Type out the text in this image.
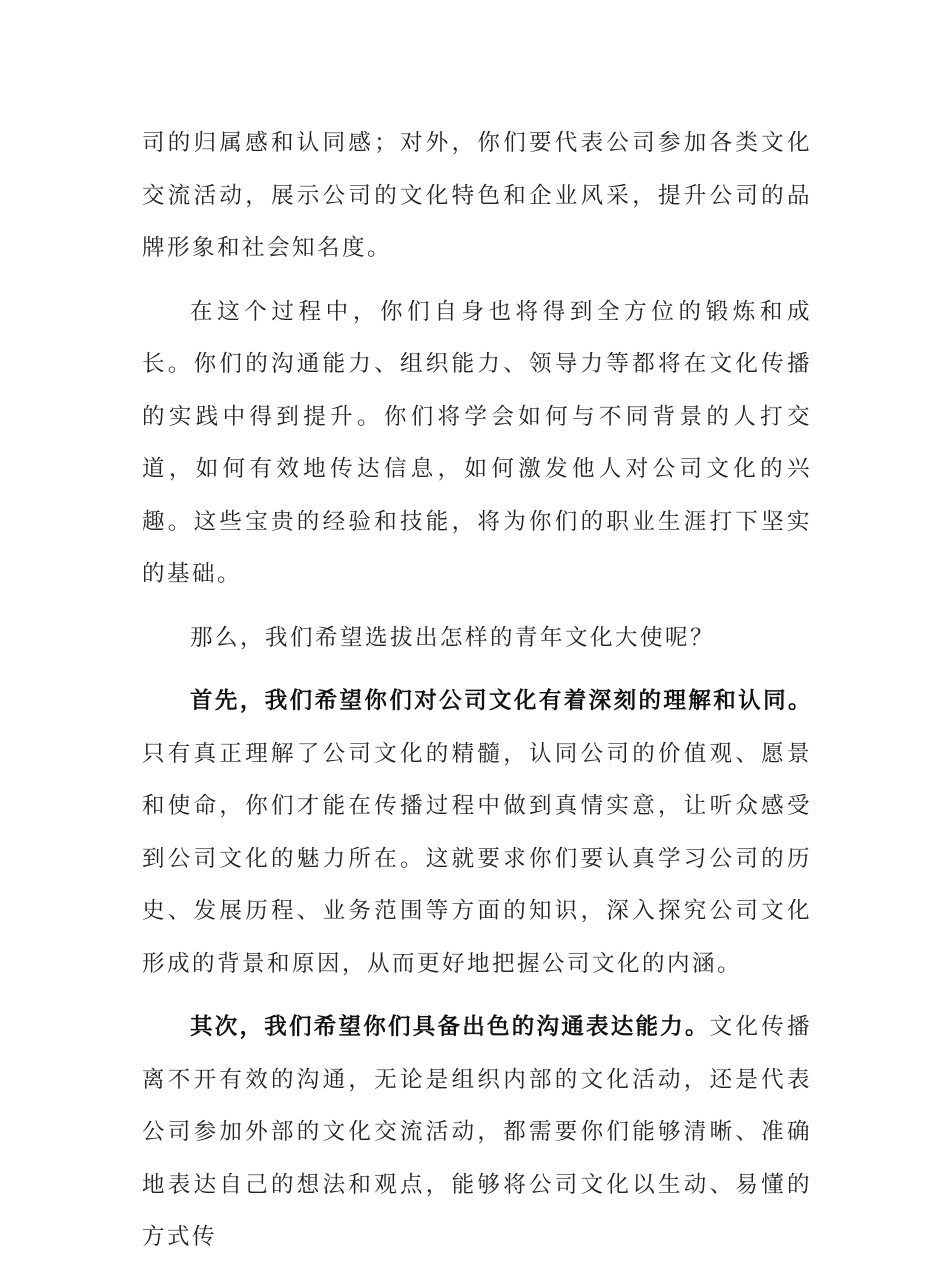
司的归属感和认同感；对外，你们要代表公司参加各类文化交流活动，展示公司的文化特色和企业风采，提升公司的品牌形象和社会知名度。

在这个过程中，你们自身也将得到全方位的锻炼和成长。你们的沟通能力、组织能力、领导力等都将在文化传播的实践中得到提升。你们将学会如何与不同背景的人打交道，如何有效地传达信息，如何激发他人对公司文化的兴趣。这些宝贵的经验和技能，将为你们的职业生涯打下坚实的基础。

那么，我们希望选拔出怎样的青年文化大使呢？

首先，我们希望你们对公司文化有着深刻的理解和认同。只有真正理解了公司文化的精髓，认同公司的价值观、愿景和使命，你们才能在传播过程中做到真情实意，让听众感受到公司文化的魅力所在。这就要求你们要认真学习公司的历史、发展历程、业务范围等方面的知识，深入探究公司文化形成的背景和原因，从而更好地把握公司文化的内涵。

其次，我们希望你们具备出色的沟通表达能力。文化传播离不开有效的沟通，无论是组织内部的文化活动，还是代表公司参加外部的文化交流活动，都需要你们能够清晰、准确地表达自己的想法和观点，能够将公司文化以生动、易懂的方式传
